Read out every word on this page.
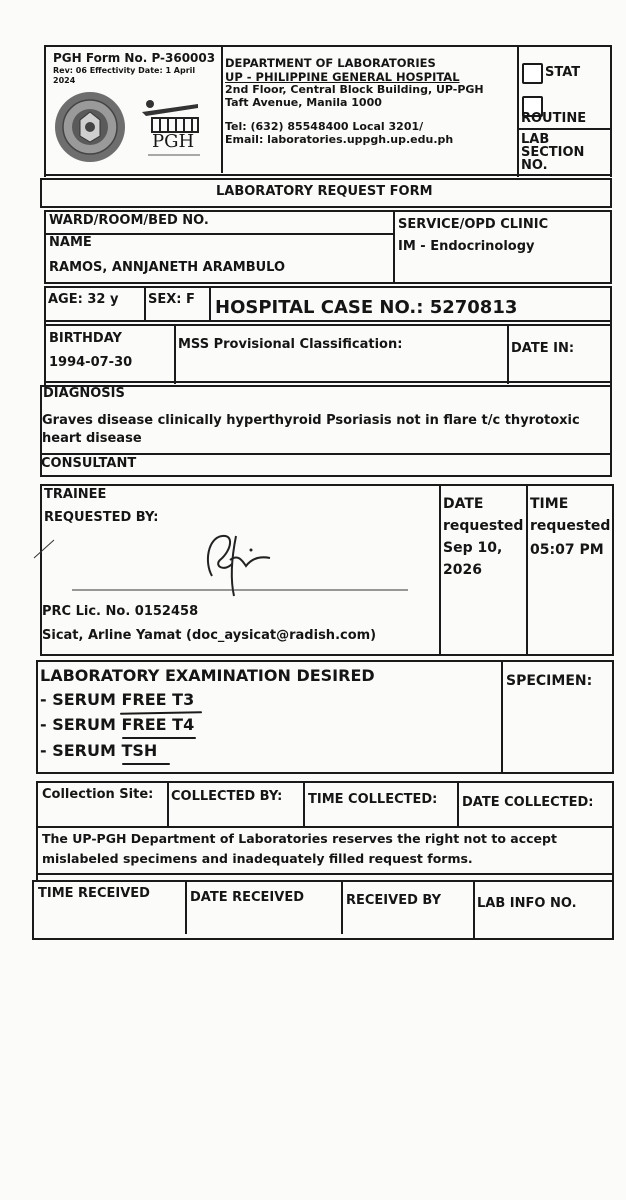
PGH Form No. P-360003
Rev: 06 Effectivity Date: 1 April
2024
PGH
DEPARTMENT OF LABORATORIES
UP - PHILIPPINE GENERAL HOSPITAL
2nd Floor, Central Block Building, UP-PGH
Taft Avenue, Manila 1000
Tel: (632) 85548400 Local 3201/
Email: laboratories.uppgh.up.edu.ph
STAT
ROUTINE
LAB
SECTION
NO.
LABORATORY REQUEST FORM
WARD/ROOM/BED NO.	SERVICE/OPD CLINIC
IM - Endocrinology
NAME
RAMOS, ANNJANETH ARAMBULO
AGE: 32 y SEX: F HOSPITAL CASE NO.: 5270813
BIRTHDAY
1994-07-30
MSS Provisional Classification:	DATE IN:
DIAGNOSIS
Graves disease clinically hyperthyroid Psoriasis not in flare t/c thyrotoxic
heart disease
CONSULTANT
TRAINEE
REQUESTED BY:
PRC Lic. No. 0152458
Sicat, Arline Yamat (doc_aysicat@radish.com)
DATE
requested
Sep 10,
2026
TIME
requested
05:07 PM
LABORATORY EXAMINATION DESIRED	SPECIMEN:
- SERUM FREE T3
- SERUM FREE T4
- SERUM TSH
Collection Site: COLLECTED BY: TIME COLLECTED: DATE COLLECTED:
The UP-PGH Department of Laboratories reserves the right not to accept
mislabeled specimens and inadequately filled request forms.
TIME RECEIVED	DATE RECEIVED	RECEIVED BY	LAB INFO NO.
